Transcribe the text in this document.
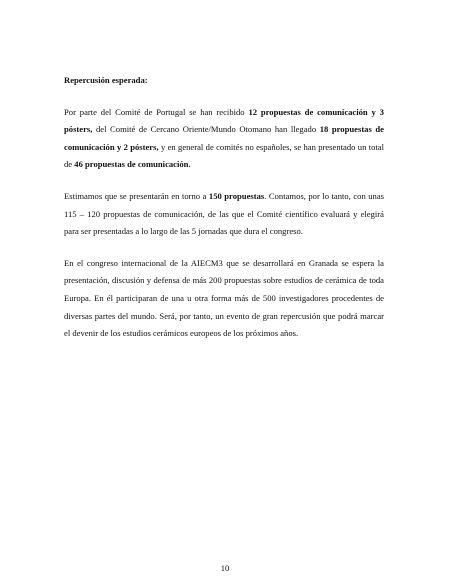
Repercusión esperada:

Por parte del Comité de Portugal se han recibido 12 propuestas de comunicación y 3 pósters, del Comité de Cercano Oriente/Mundo Otomano han llegado 18 propuestas de comunicación y 2 pósters, y en general de comités no españoles, se han presentado un total de 46 propuestas de comunicación.

Estimamos que se presentarán en torno a 150 propuestas. Contamos, por lo tanto, con unas 115 – 120 propuestas de comunicación, de las que el Comité científico evaluará y elegirá para ser presentadas a lo largo de las 5 jornadas que dura el congreso.

En el congreso internacional de la AIECM3 que se desarrollará en Granada se espera la presentación, discusión y defensa de más 200 propuestas sobre estudios de cerámica de toda Europa. En él participaran de una u otra forma más de 500 investigadores procedentes de diversas partes del mundo. Será, por tanto, un evento de gran repercusión que podrá marcar el devenir de los estudios cerámicos europeos de los próximos años.

10
